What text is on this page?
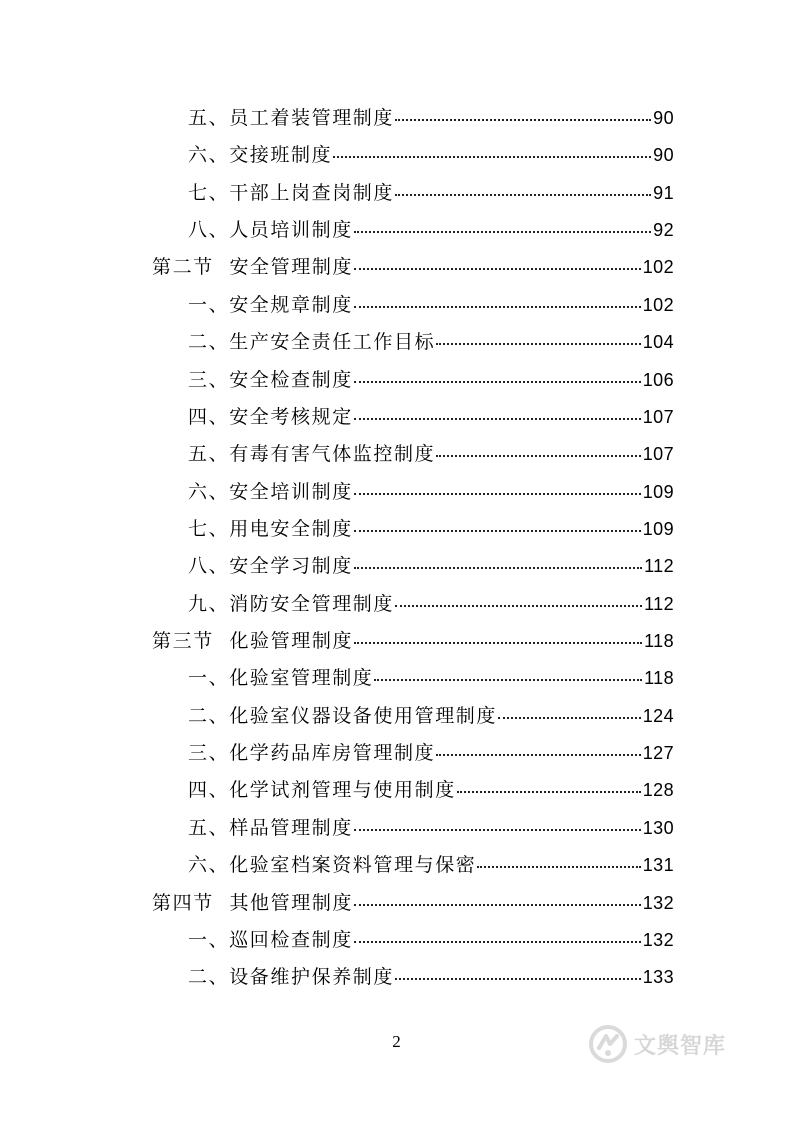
五、员工着装管理制度	90
六、交接班制度	90
七、干部上岗查岗制度	91
八、人员培训制度	92
第二节 安全管理制度	102
一、安全规章制度	102
二、生产安全责任工作目标	104
三、安全检查制度	106
四、安全考核规定	107
五、有毒有害气体监控制度	107
六、安全培训制度	109
七、用电安全制度	109
八、安全学习制度	112
九、消防安全管理制度	112
第三节 化验管理制度	118
一、化验室管理制度	118
二、化验室仪器设备使用管理制度	124
三、化学药品库房管理制度	127
四、化学试剂管理与使用制度	128
五、样品管理制度	130
六、化验室档案资料管理与保密	131
第四节 其他管理制度	132
一、巡回检查制度	132
二、设备维护保养制度	133
2	文舆智库
